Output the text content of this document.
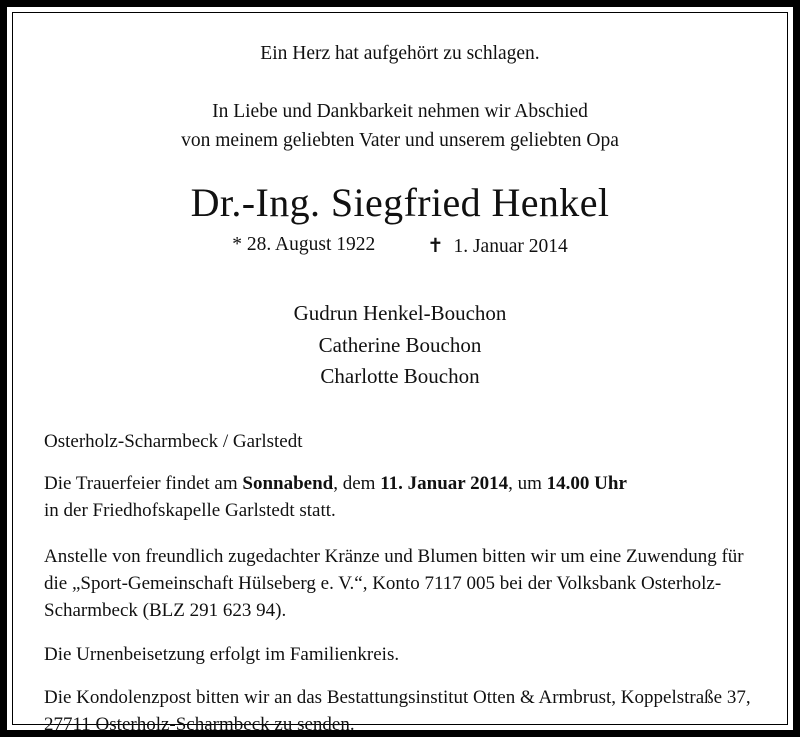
Ein Herz hat aufgehört zu schlagen.

In Liebe und Dankbarkeit nehmen wir Abschied
von meinem geliebten Vater und unserem geliebten Opa
Dr.-Ing. Siegfried Henkel
* 28. August 1922	✝ 1. Januar 2014
Gudrun Henkel-Bouchon
Catherine Bouchon
Charlotte Bouchon

Osterholz-Scharmbeck / Garlstedt

Die Trauerfeier findet am Sonnabend, dem 11. Januar 2014, um 14.00 Uhr
in der Friedhofskapelle Garlstedt statt.

Anstelle von freundlich zugedachter Kränze und Blumen bitten wir um eine Zuwendung für die „Sport-Gemeinschaft Hülseberg e. V.“, Konto 7117 005 bei der Volksbank Osterholz-Scharmbeck (BLZ 291 623 94).

Die Urnenbeisetzung erfolgt im Familienkreis.

Die Kondolenzpost bitten wir an das Bestattungsinstitut Otten & Armbrust, Koppelstraße 37, 27711 Osterholz-Scharmbeck zu senden.
